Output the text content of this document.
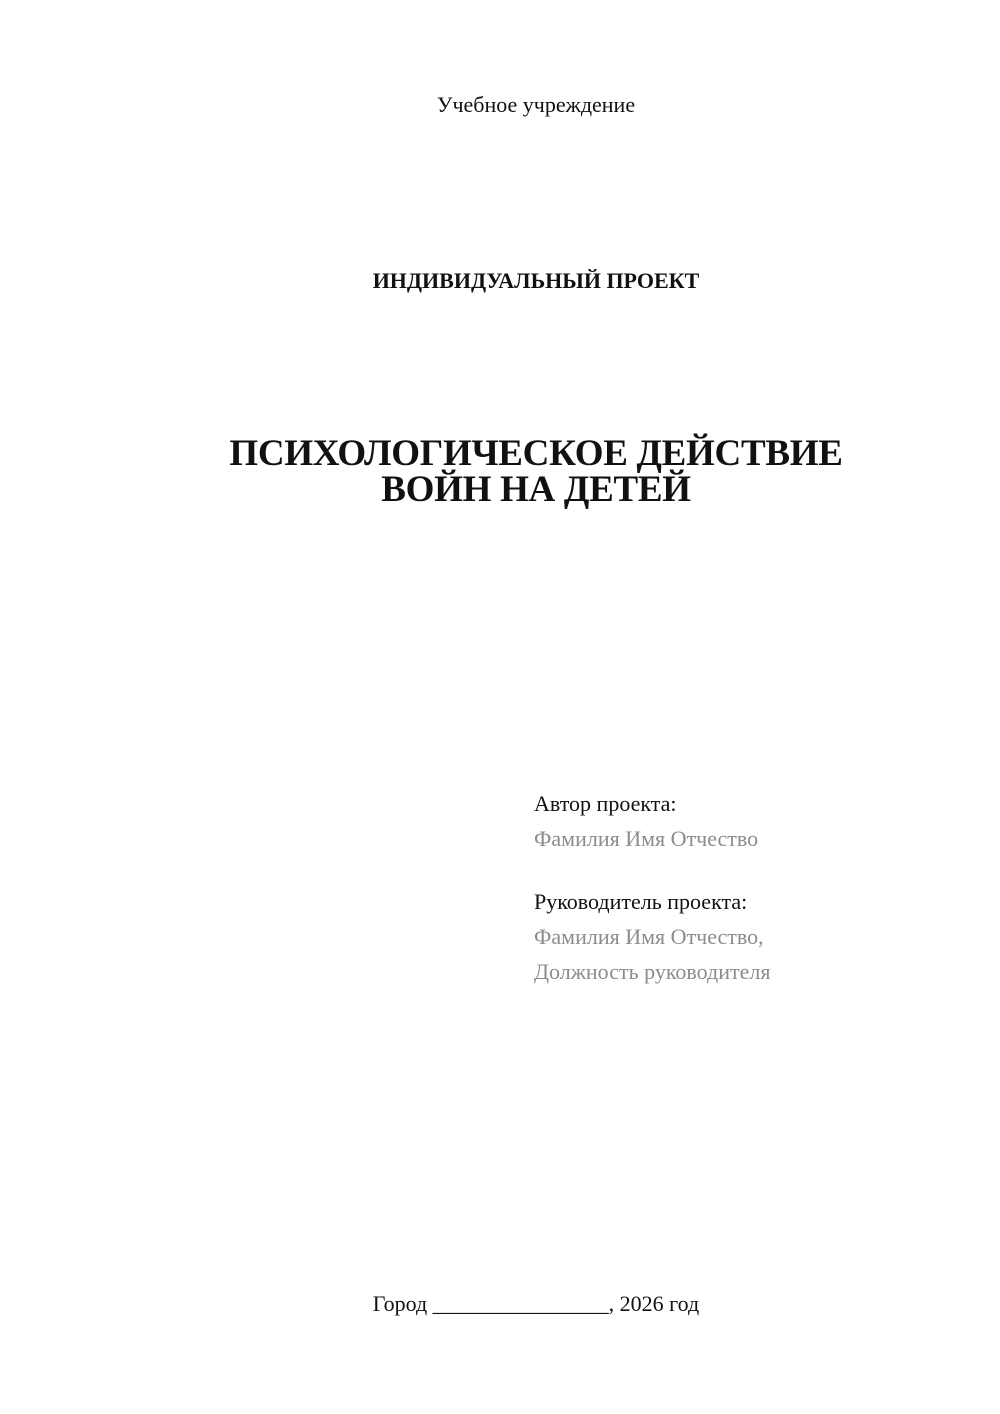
Учебное учреждение
ИНДИВИДУАЛЬНЫЙ ПРОЕКТ
ПСИХОЛОГИЧЕСКОЕ ДЕЙСТВИЕ
ВОЙН НА ДЕТЕЙ
Автор проекта:
Фамилия Имя Отчество
Руководитель проекта:
Фамилия Имя Отчество,
Должность руководителя
Город ________________, 2026 год
